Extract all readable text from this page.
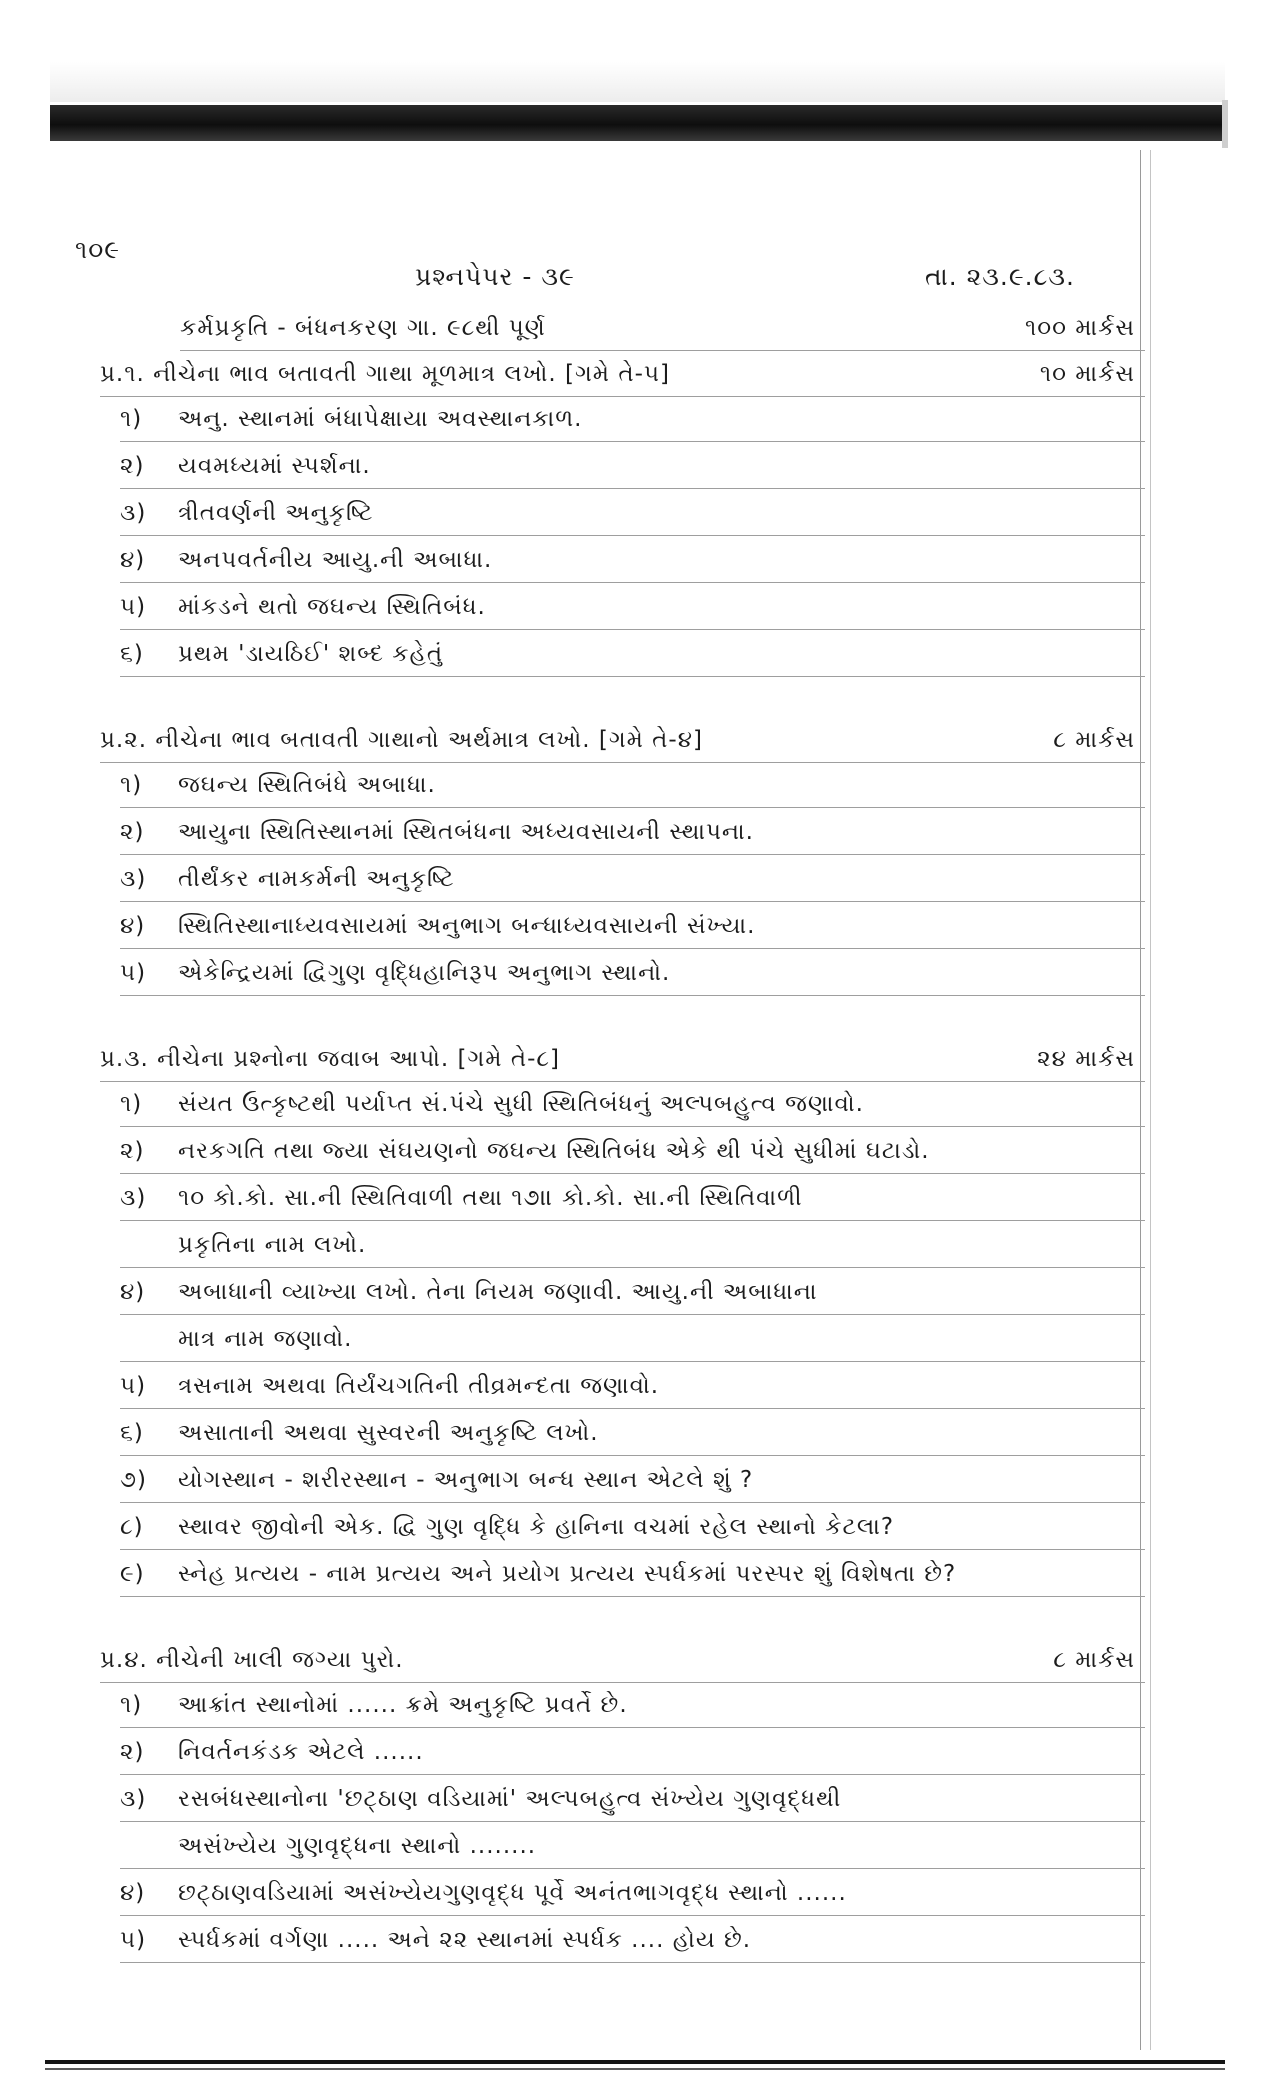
૧૦૯
પ્રશ્નપેપર - ૩૯	તા. ૨૩.૯.૮૩.
કર્મપ્રકૃતિ - બંધનકરણ ગા. ૯૮થી પૂર્ણ	૧૦૦ માર્કસ
પ્ર.૧. નીચેના ભાવ બતાવતી ગાથા મૂળમાત્ર લખો. [ગમે તે-૫]	૧૦ માર્કસ
૧) અનુ. સ્થાનમાં બંધાપેક્ષાયા અવસ્થાનકાળ.
૨) યવમધ્યમાં સ્પર્શના.
૩) ત્રીતવર્ણની અનુકૃષ્ટિ
૪) અનપવર્તનીય આયુ.ની અબાધા.
૫) માંકડને થતો જઘન્ય સ્થિતિબંધ.
૬) પ્રથમ 'ડાયઠિઈ' શબ્દ કહેતું
પ્ર.૨. નીચેના ભાવ બતાવતી ગાથાનો અર્થમાત્ર લખો. [ગમે તે-૪]	૮ માર્કસ
૧) જઘન્ય સ્થિતિબંધે અબાધા.
૨) આયુના સ્થિતિસ્થાનમાં સ્થિતબંધના અધ્યવસાયની સ્થાપના.
૩) તીર્થંકર નામકર્મની અનુકૃષ્ટિ
૪) સ્થિતિસ્થાનાધ્યવસાયમાં અનુભાગ બન્ધાધ્યવસાયની સંખ્યા.
૫) એકેન્દ્રિયમાં દ્વિગુણ વૃદ્ધિહાનિરૂપ અનુભાગ સ્થાનો.
પ્ર.૩. નીચેના પ્રશ્નોના જવાબ આપો. [ગમે તે-૮]	૨૪ માર્કસ
૧) સંયત ઉત્કૃષ્ટથી પર્યાપ્ત સં.પંચે સુધી સ્થિતિબંધનું અલ્પબહુત્વ જણાવો.
૨) નરકગતિ તથા જ્યા સંઘયણનો જઘન્ય સ્થિતિબંધ એકે થી પંચે સુધીમાં ઘટાડો.
૩) ૧૦ કો.કો. સા.ની સ્થિતિવાળી તથા ૧૭॥ કો.કો. સા.ની સ્થિતિવાળી
પ્રકૃતિના નામ લખો.
૪) અબાધાની વ્યાખ્યા લખો. તેના નિયમ જણાવી. આયુ.ની અબાધાના
માત્ર નામ જણાવો.
૫) ત્રસનામ અથવા તિર્યંચગતિની તીવ્રમન્દતા જણાવો.
૬) અસાતાની અથવા સુસ્વરની અનુકૃષ્ટિ લખો.
૭) યોગસ્થાન - શરીરસ્થાન - અનુભાગ બન્ધ સ્થાન એટલે શું ?
૮) સ્થાવર જીવોની એક. દ્વિ ગુણ વૃદ્ધિ કે હાનિના વચમાં રહેલ સ્થાનો કેટલા?
૯) સ્નેહ પ્રત્યય - નામ પ્રત્યય અને પ્રયોગ પ્રત્યય સ્પર્ધકમાં પરસ્પર શું વિશેષતા છે?
પ્ર.૪. નીચેની ખાલી જગ્યા પુરો.	૮ માર્કસ
૧) આક્રાંત સ્થાનોમાં ...... ક્રમે અનુકૃષ્ટિ પ્રવર્તે છે.
૨) નિવર્તનકંડક એટલે ......
૩) રસબંધસ્થાનોના 'છટ્ઠાણ વડિયામાં' અલ્પબહુત્વ સંખ્યેય ગુણવૃદ્ધથી
અસંખ્યેય ગુણવૃદ્ધના સ્થાનો ........
૪) છટ્ઠાણવડિયામાં અસંખ્યેયગુણવૃદ્ધ પૂર્વે અનંતભાગવૃદ્ધ સ્થાનો ......
૫) સ્પર્ધકમાં વર્ગણા ..... અને ૨૨ સ્થાનમાં સ્પર્ધક .... હોય છે.
